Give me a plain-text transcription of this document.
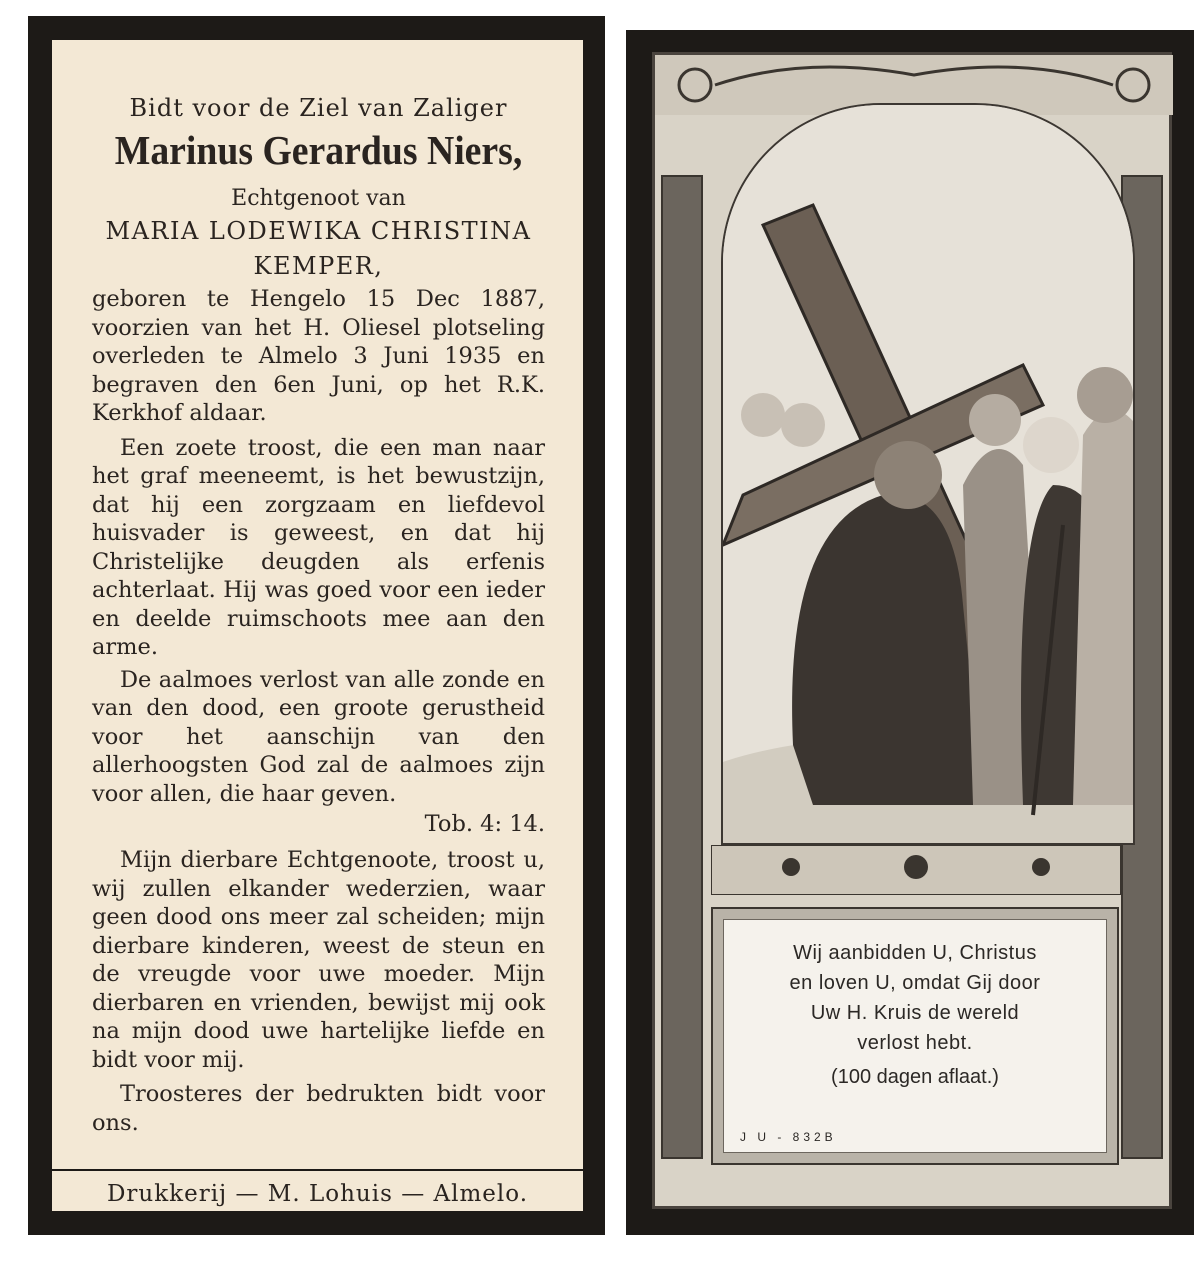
Bidt voor de Ziel van Zaliger
Marinus Gerardus Niers,
Echtgenoot van
MARIA LODEWIKA CHRISTINA
KEMPER,
geboren te Hengelo 15 Dec 1887, voorzien van het H. Oliesel plotseling overleden te Almelo 3 Juni 1935 en begraven den 6en Juni, op het R.K. Kerkhof aldaar.
Een zoete troost, die een man naar het graf meeneemt, is het bewustzijn, dat hij een zorgzaam en liefdevol huisvader is geweest, en dat hij Christelijke deugden als erfenis achterlaat. Hij was goed voor een ieder en deelde ruimschoots mee aan den arme.
De aalmoes verlost van alle zonde en van den dood, een groote gerustheid voor het aanschijn van den allerhoogsten God zal de aalmoes zijn voor allen, die haar geven.
Tob. 4: 14.
Mijn dierbare Echtgenoote, troost u, wij zullen elkander wederzien, waar geen dood ons meer zal scheiden; mijn dierbare kinderen, weest de steun en de vreugde voor uwe moeder. Mijn dierbaren en vrienden, bewijst mij ook na mijn dood uwe hartelijke liefde en bidt voor mij.
Troosteres der bedrukten bidt voor ons.
Drukkerij — M. Lohuis — Almelo.
Wij aanbidden U, Christus
en loven U, omdat Gij door
Uw H. Kruis de wereld
verlost hebt.
(100 dagen aflaat.)
J U - 832B
